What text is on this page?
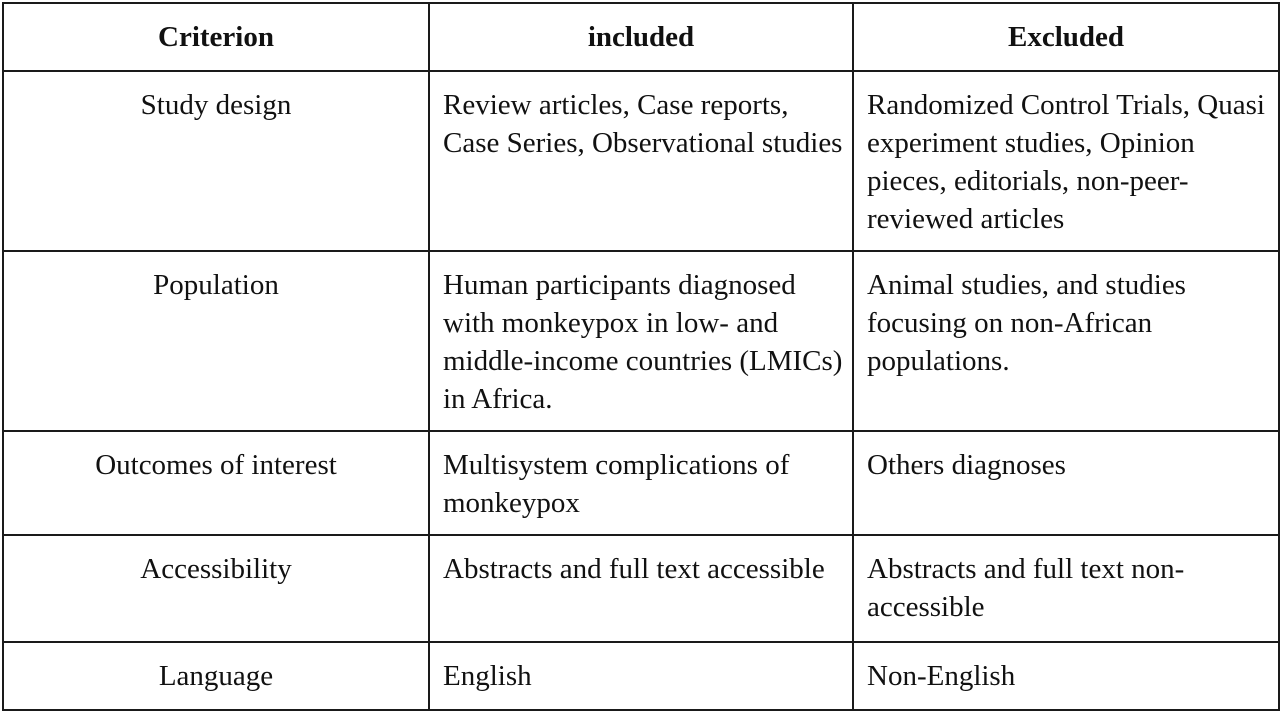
Criterion	included	Excluded
Study design	Review articles, Case reports, Case Series, Observational studies	Randomized Control Trials, Quasi experiment studies, Opinion pieces, editorials, non-peer-reviewed articles
Population	Human participants diagnosed with monkeypox in low- and middle-income countries (LMICs) in Africa.	Animal studies, and studies focusing on non-African populations.
Outcomes of interest	Multisystem complications of monkeypox	Others diagnoses
Accessibility	Abstracts and full text accessible	Abstracts and full text non-accessible
Language	English	Non-English
